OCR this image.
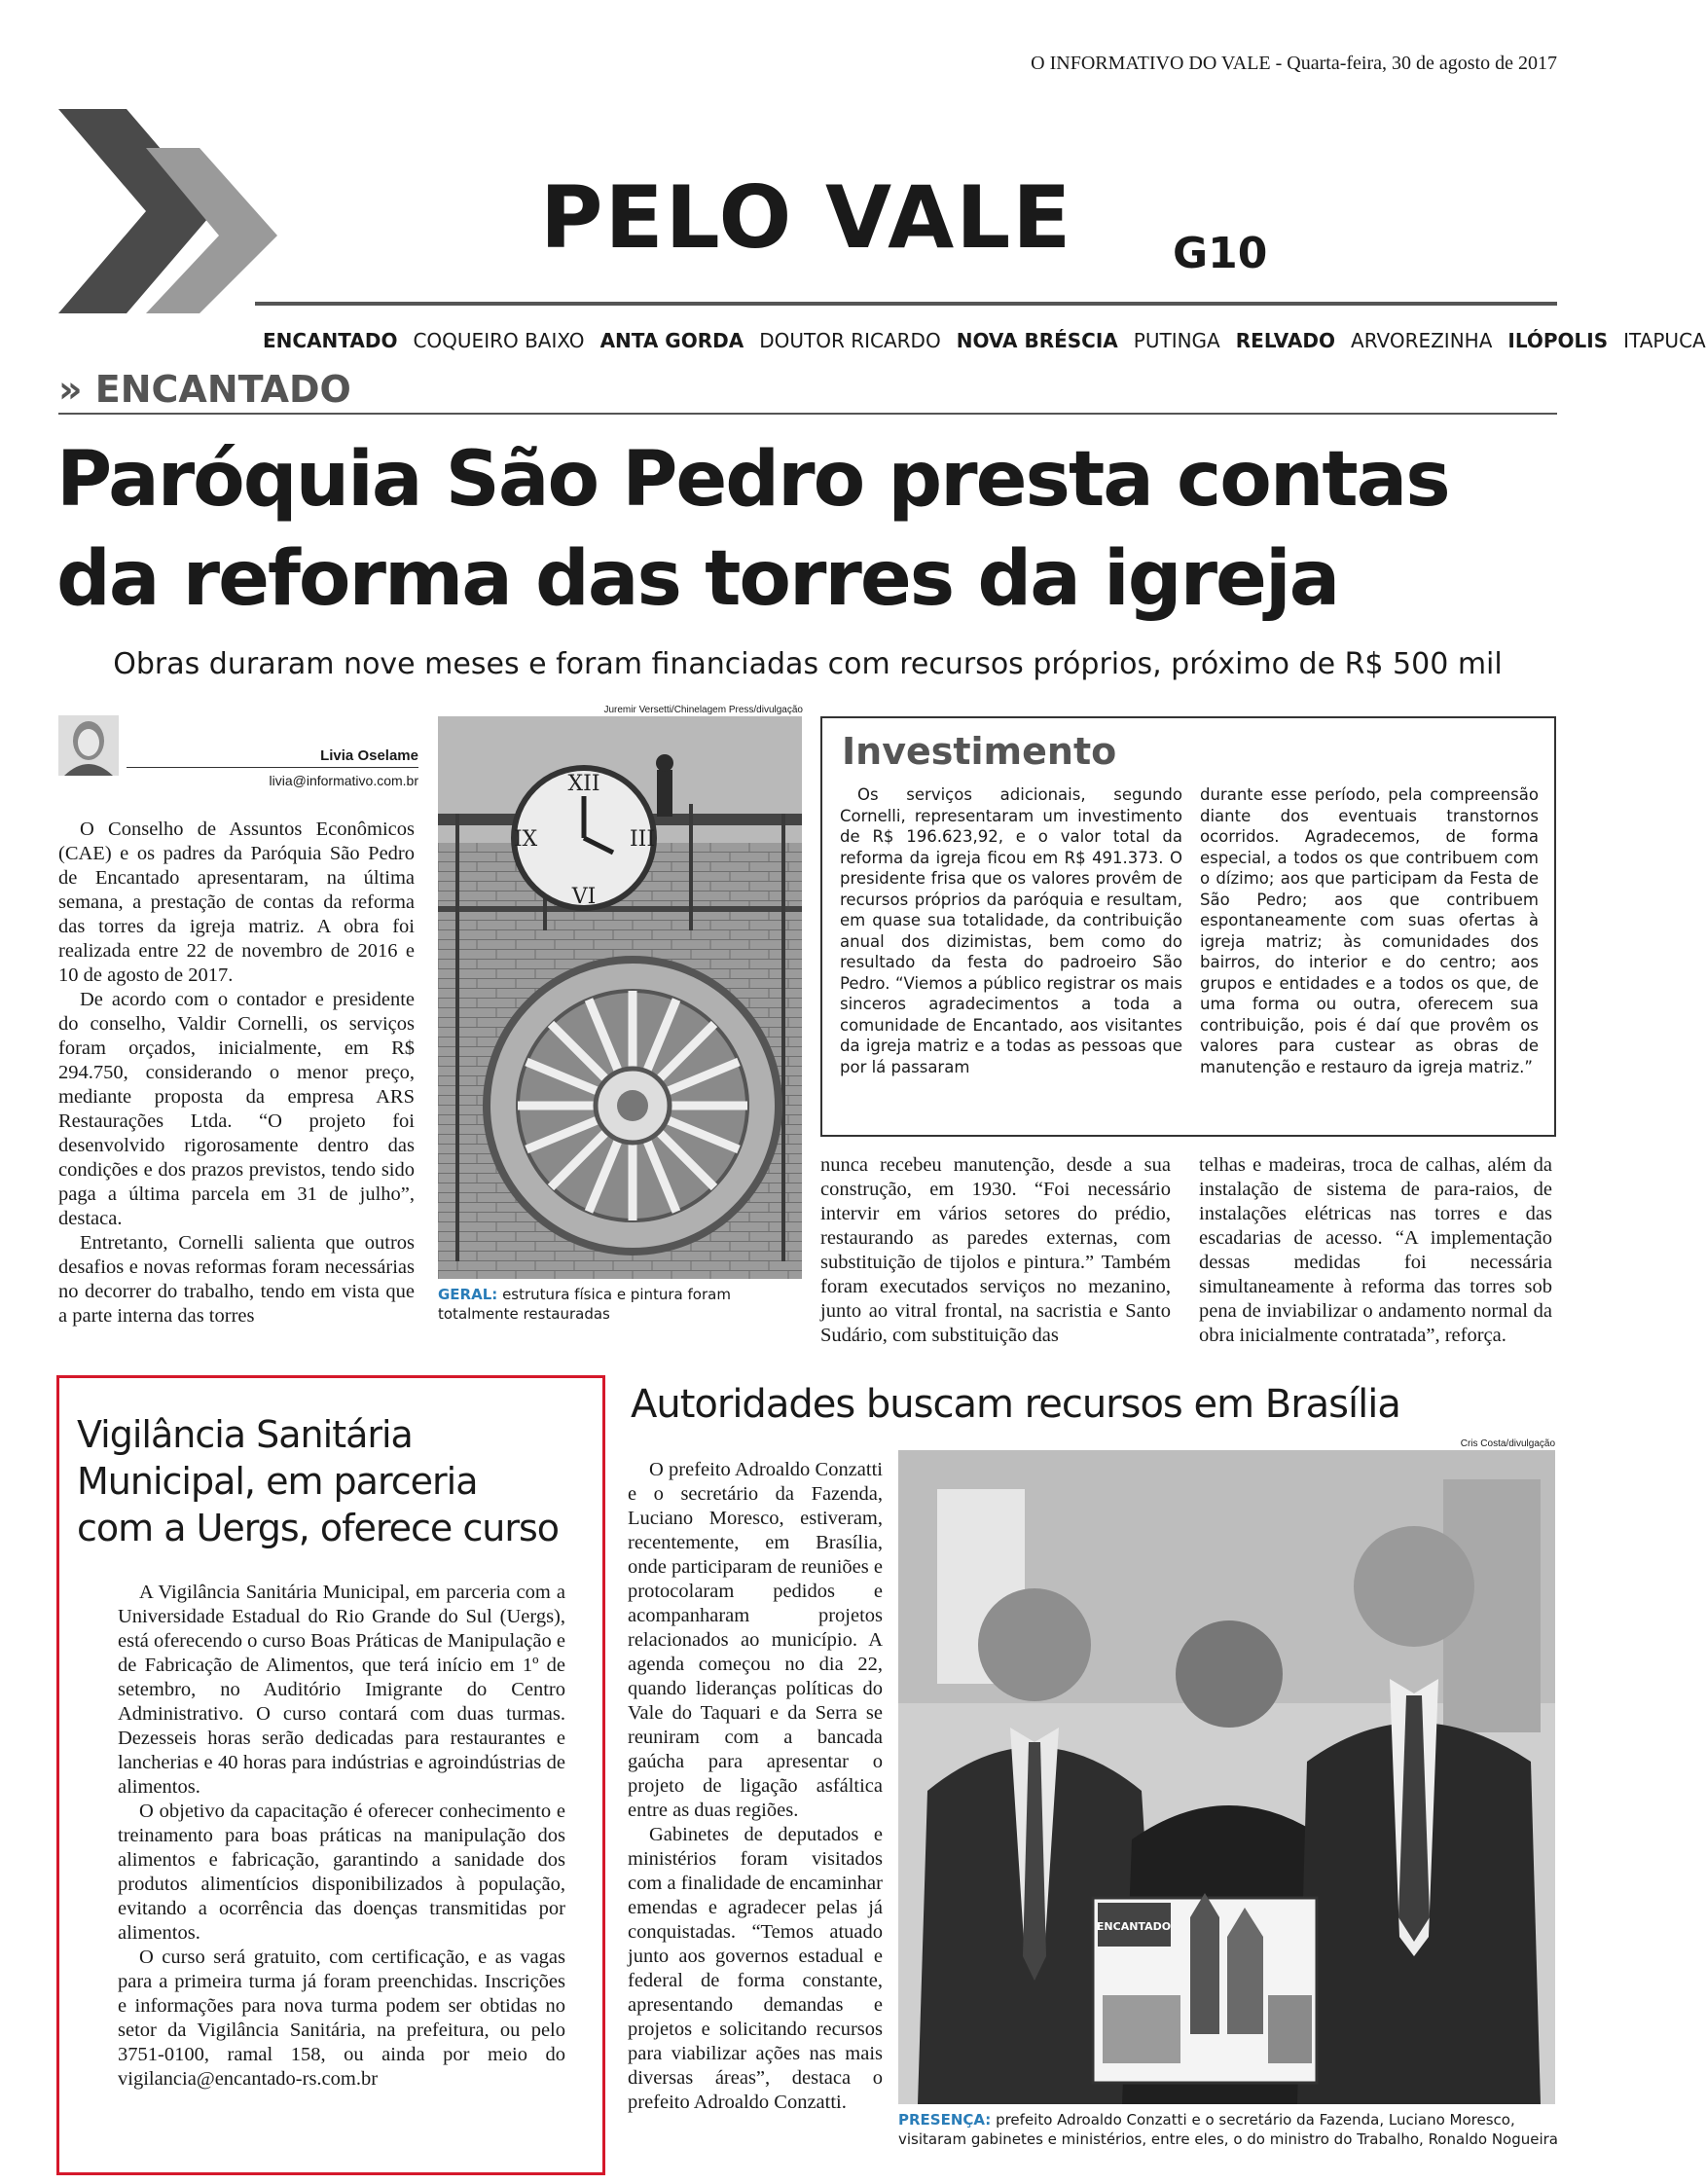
O INFORMATIVO DO VALE - Quarta-feira, 30 de agosto de 2017
PELO VALE G10
ENCANTADO COQUEIRO BAIXO ANTA GORDA DOUTOR RICARDO NOVA BRÉSCIA PUTINGA RELVADO ARVOREZINHA ILÓPOLIS ITAPUCA
» ENCANTADO
Paróquia São Pedro presta contas
da reforma das torres da igreja
Obras duraram nove meses e foram financiadas com recursos próprios, próximo de R$ 500 mil
Livia Oselame
livia@informativo.com.br

O Conselho de Assuntos Econômicos (CAE) e os padres da Paróquia São Pedro de Encantado apresentaram, na última semana, a prestação de contas da reforma das torres da igreja matriz. A obra foi realizada entre 22 de novembro de 2016 e 10 de agosto de 2017.

De acordo com o contador e presidente do conselho, Valdir Cornelli, os serviços foram orçados, inicialmente, em R$ 294.750, considerando o menor preço, mediante proposta da empresa ARS Restaurações Ltda. “O projeto foi desenvolvido rigorosamente dentro das condições e dos prazos previstos, tendo sido paga a última parcela em 31 de julho”, destaca.

Entretanto, Cornelli salienta que outros desafios e novas reformas foram necessárias no decorrer do trabalho, tendo em vista que a parte interna das torres

Juremir Versetti/Chinelagem Press/divulgação
XII
VI
IX	III
GERAL: estrutura física e pintura foram totalmente restauradas
Investimento

Os serviços adicionais, segundo Cornelli, representaram um investimento de R$ 196.623,92, e o valor total da reforma da igreja ficou em R$ 491.373. O presidente frisa que os valores provêm de recursos próprios da paróquia e resultam, em quase sua totalidade, da contribuição anual dos dizimistas, bem como do resultado da festa do padroeiro São Pedro. “Viemos a público registrar os mais sinceros agradecimentos a toda a comunidade de Encantado, aos visitantes da igreja matriz e a todas as pessoas que por lá passaram

durante esse período, pela compreensão diante dos eventuais transtornos ocorridos. Agradecemos, de forma especial, a todos os que contribuem com o dízimo; aos que participam da Festa de São Pedro; aos que contribuem espontaneamente com suas ofertas à igreja matriz; às comunidades dos bairros, do interior e do centro; aos grupos e entidades e a todos os que, de uma forma ou outra, oferecem sua contribuição, pois é daí que provêm os valores para custear as obras de manutenção e restauro da igreja matriz.”

nunca recebeu manutenção, desde a sua construção, em 1930. “Foi necessário intervir em vários setores do prédio, restaurando as paredes externas, com substituição de tijolos e pintura.” Também foram executados serviços no mezanino, junto ao vitral frontal, na sacristia e Santo Sudário, com substituição das

telhas e madeiras, troca de calhas, além da instalação de sistema de para-raios, de instalações elétricas nas torres e das escadarias de acesso. “A implementação dessas medidas foi necessária simultaneamente à reforma das torres sob pena de inviabilizar o andamento normal da obra inicialmente contratada”, reforça.

Vigilância Sanitária
Municipal, em parceria
com a Uergs, oferece curso

A Vigilância Sanitária Municipal, em parceria com a Universidade Estadual do Rio Grande do Sul (Uergs), está oferecendo o curso Boas Práticas de Manipulação e de Fabricação de Alimentos, que terá início em 1º de setembro, no Auditório Imigrante do Centro Administrativo. O curso contará com duas turmas. Dezesseis horas serão dedicadas para restaurantes e lancherias e 40 horas para indústrias e agroindústrias de alimentos.

O objetivo da capacitação é oferecer conhecimento e treinamento para boas práticas na manipulação dos alimentos e fabricação, garantindo a sanidade dos produtos alimentícios disponibilizados à população, evitando a ocorrência das doenças transmitidas por alimentos.

O curso será gratuito, com certificação, e as vagas para a primeira turma já foram preenchidas. Inscrições e informações para nova turma podem ser obtidas no setor da Vigilância Sanitária, na prefeitura, ou pelo 3751-0100, ramal 158, ou ainda por meio do vigilancia@encantado-rs.com.br

Autoridades buscam recursos em Brasília

O prefeito Adroaldo Conzatti e o secretário da Fazenda, Luciano Moresco, estiveram, recentemente, em Brasília, onde participaram de reuniões e protocolaram pedidos e acompanharam projetos relacionados ao município. A agenda começou no dia 22, quando lideranças políticas do Vale do Taquari e da Serra se reuniram com a bancada gaúcha para apresentar o projeto de ligação asfáltica entre as duas regiões.

Gabinetes de deputados e ministérios foram visitados com a finalidade de encaminhar emendas e agradecer pelas já conquistadas. “Temos atuado junto aos governos estadual e federal de forma constante, apresentando demandas e projetos e solicitando recursos para viabilizar ações nas mais diversas áreas”, destaca o prefeito Adroaldo Conzatti.

Cris Costa/divulgação
ENCANTADO
PRESENÇA: prefeito Adroaldo Conzatti e o secretário da Fazenda, Luciano Moresco, visitaram gabinetes e ministérios, entre eles, o do ministro do Trabalho, Ronaldo Nogueira
